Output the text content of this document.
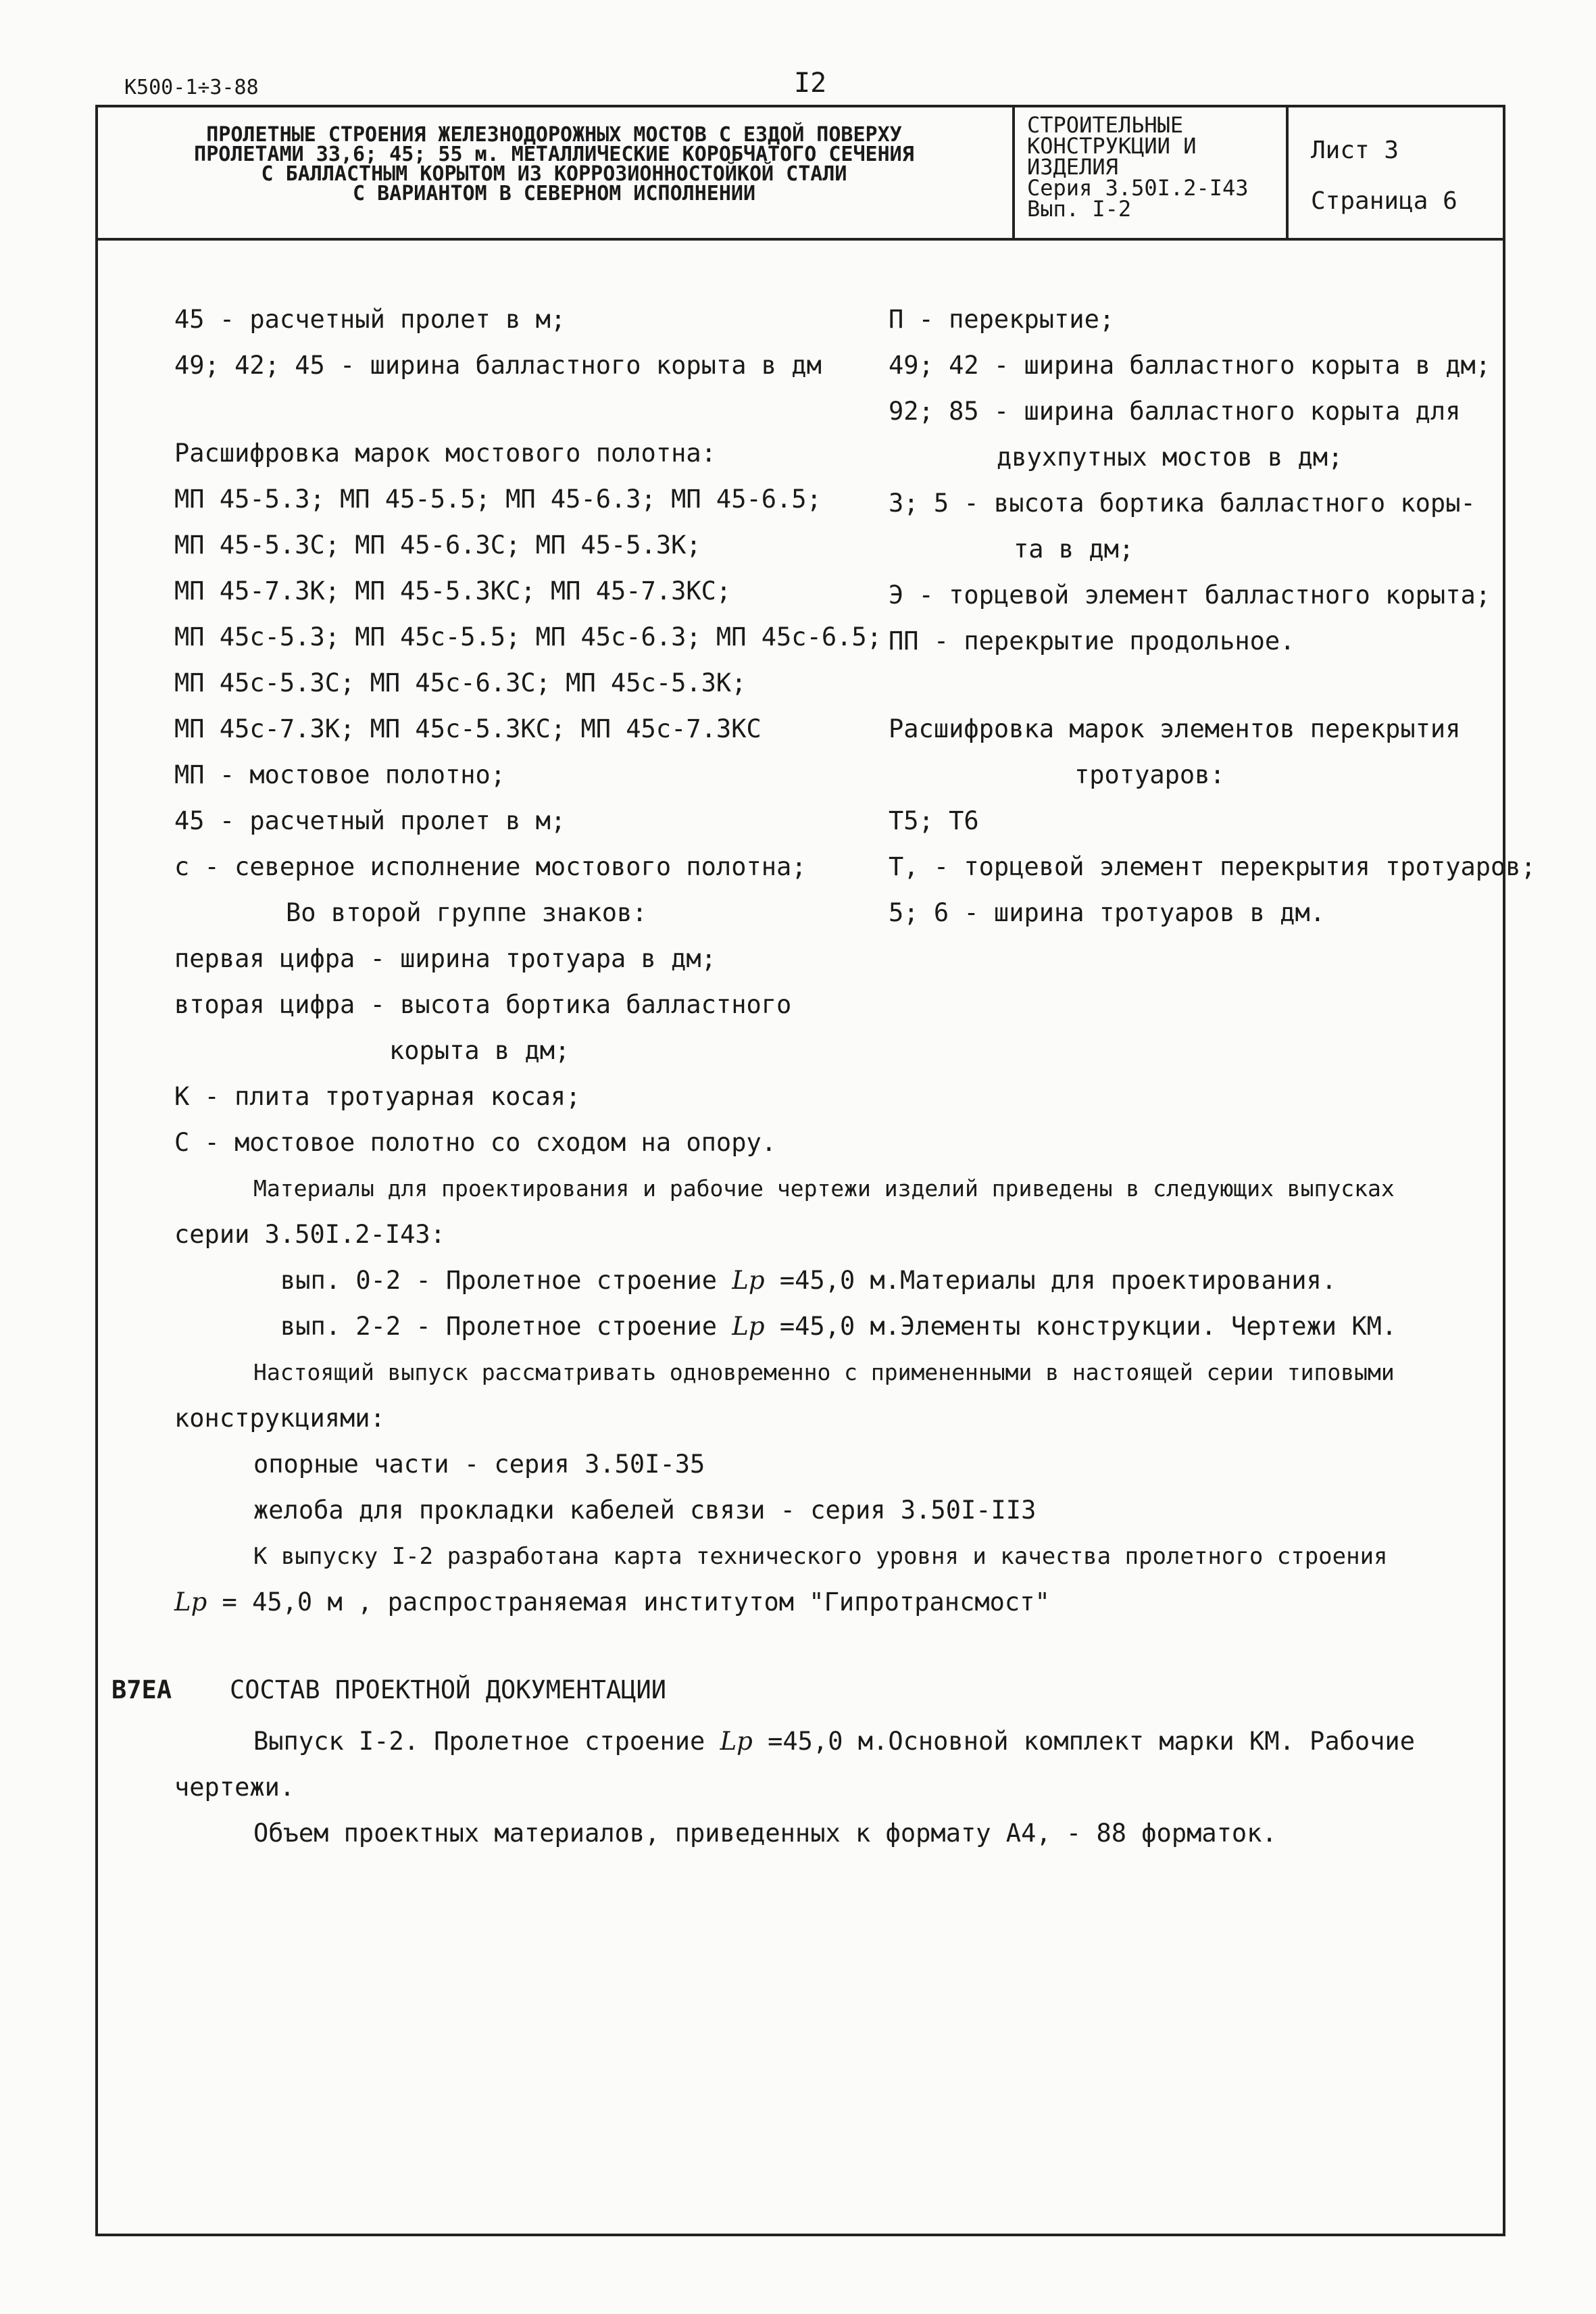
К500-1÷3-88	I2
ПРОЛЕТНЫЕ СТРОЕНИЯ ЖЕЛЕЗНОДОРОЖНЫХ МОСТОВ С ЕЗДОЙ ПОВЕРХУ
ПРОЛЕТАМИ 33,6; 45; 55 м. МЕТАЛЛИЧЕСКИЕ КОРОБЧАТОГО СЕЧЕНИЯ
С БАЛЛАСТНЫМ КОРЫТОМ ИЗ КОРРОЗИОННОСТОЙКОЙ СТАЛИ
С ВАРИАНТОМ В СЕВЕРНОМ ИСПОЛНЕНИИ
СТРОИТЕЛЬНЫЕ
КОНСТРУКЦИИ И
ИЗДЕЛИЯ
Серия 3.50I.2-I43
Вып. I-2
Лист 3
Страница 6
45 - расчетный пролет в м;
49; 42; 45 - ширина балластного корыта в дм
Расшифровка марок мостового полотна:
МП 45-5.3; МП 45-5.5; МП 45-6.3; МП 45-6.5;
МП 45-5.3С; МП 45-6.3С; МП 45-5.3К;
МП 45-7.3К; МП 45-5.3КС; МП 45-7.3КС;
МП 45с-5.3; МП 45с-5.5; МП 45с-6.3; МП 45с-6.5;
МП 45с-5.3С; МП 45с-6.3С; МП 45с-5.3К;
МП 45с-7.3К; МП 45с-5.3КС; МП 45с-7.3КС
МП - мостовое полотно;
45 - расчетный пролет в м;
с - северное исполнение мостового полотна;
Во второй группе знаков:
первая цифра - ширина тротуара в дм;
вторая цифра - высота бортика балластного
корыта в дм;
К - плита тротуарная косая;
С - мостовое полотно со сходом на опору.
П - перекрытие;
49; 42 - ширина балластного корыта в дм;
92; 85 - ширина балластного корыта для
двухпутных мостов в дм;
3; 5 - высота бортика балластного коры-
та в дм;
Э - торцевой элемент балластного корыта;
ПП - перекрытие продольное.
Расшифровка марок элементов перекрытия
тротуаров:
Т5; Т6
Т, - торцевой элемент перекрытия тротуаров;
5; 6 - ширина тротуаров в дм.
Материалы для проектирования и рабочие чертежи изделий приведены в следующих выпусках
серии 3.50I.2-I43:
вып. 0-2 - Пролетное строение Lp =45,0 м.Материалы для проектирования.
вып. 2-2 - Пролетное строение Lp =45,0 м.Элементы конструкции. Чертежи КМ.
Настоящий выпуск рассматривать одновременно с примененными в настоящей серии типовыми
конструкциями:
опорные части - серия 3.50I-35
желоба для прокладки кабелей связи - серия 3.50I-II3
К выпуску I-2 разработана карта технического уровня и качества пролетного строения
Lp = 45,0 м , распространяемая институтом "Гипротрансмост"
В7ЕА СОСТАВ ПРОЕКТНОЙ ДОКУМЕНТАЦИИ
Выпуск I-2. Пролетное строение Lp =45,0 м.Основной комплект марки КМ. Рабочие
чертежи.
Объем проектных материалов, приведенных к формату А4, - 88 форматок.
